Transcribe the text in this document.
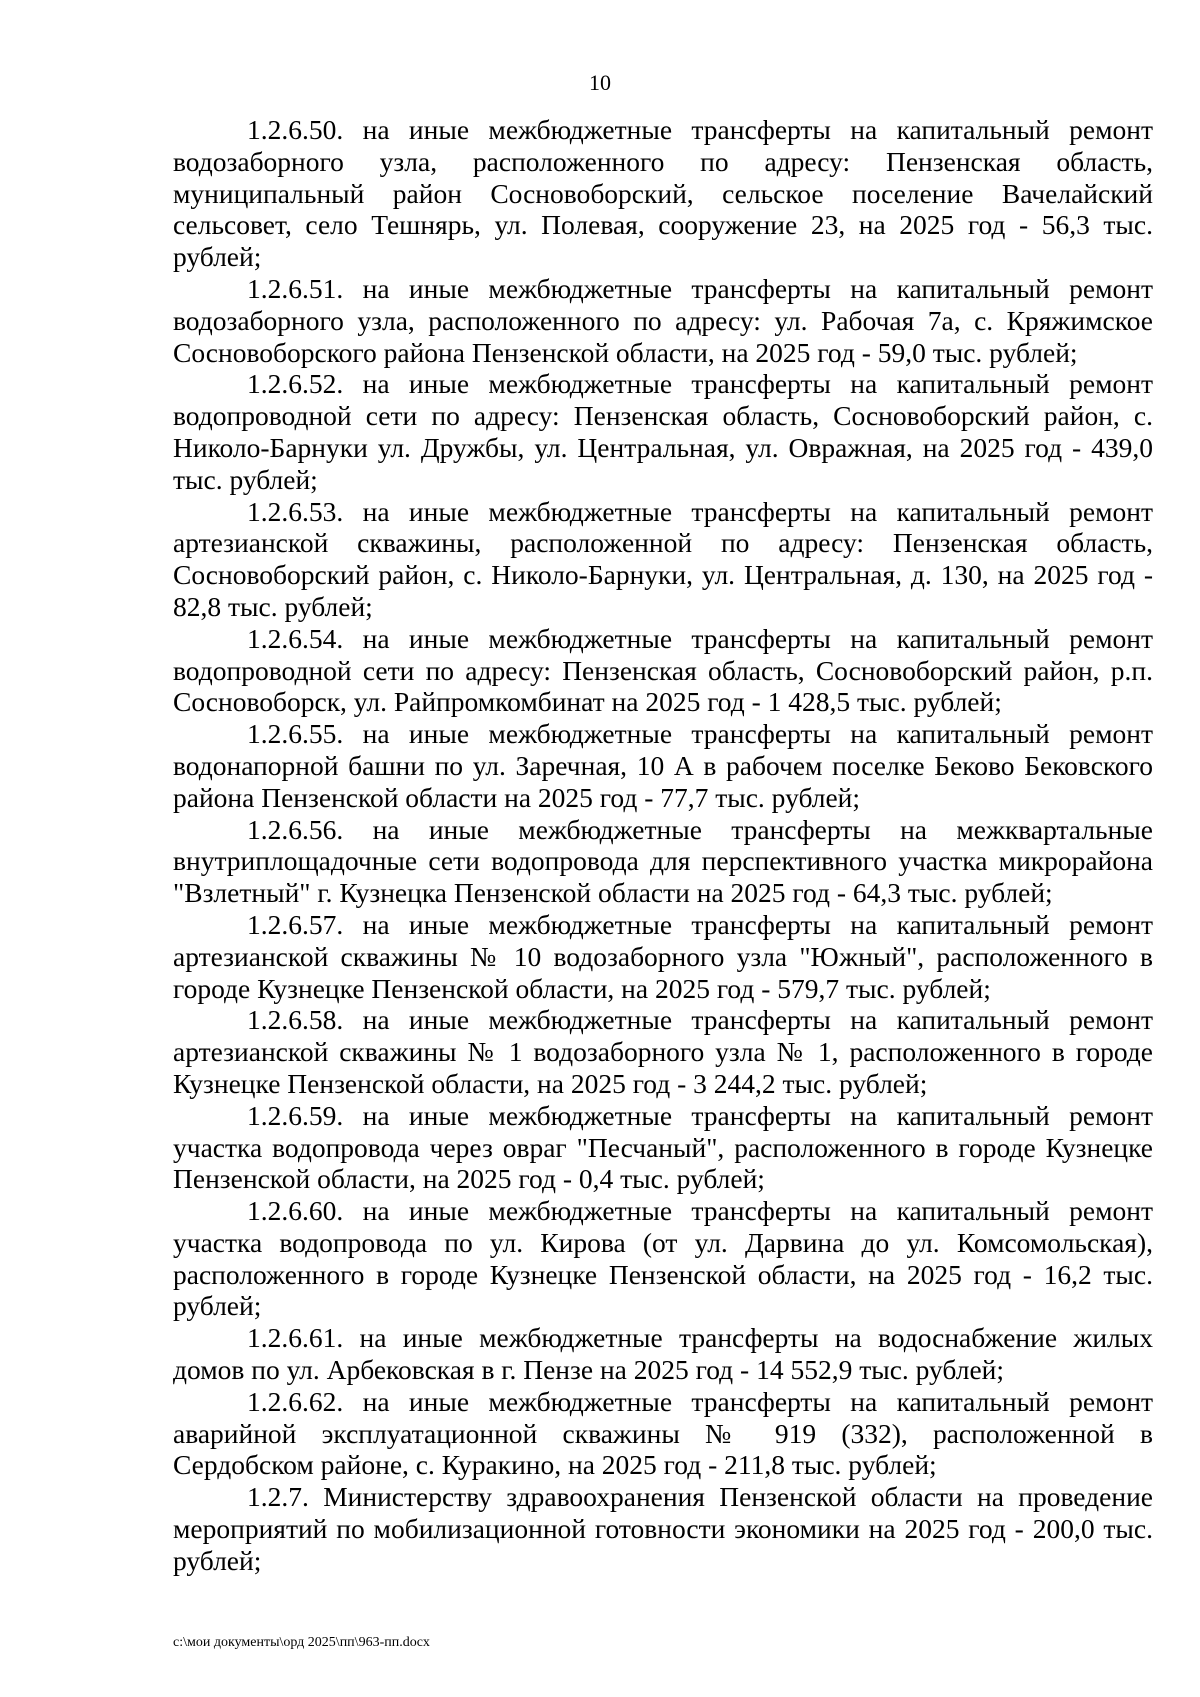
10

1.2.6.50. на иные межбюджетные трансферты на капитальный ремонт водозаборного узла, расположенного по адресу: Пензенская область, муниципальный район Сосновоборский, сельское поселение Вачелайский сельсовет, село Тешнярь, ул. Полевая, сооружение 23, на 2025 год - 56,3 тыс. рублей;

1.2.6.51. на иные межбюджетные трансферты на капитальный ремонт водозаборного узла, расположенного по адресу: ул. Рабочая 7а, с. Кряжимское Сосновоборского района Пензенской области, на 2025 год - 59,0 тыс. рублей;

1.2.6.52. на иные межбюджетные трансферты на капитальный ремонт водопроводной сети по адресу: Пензенская область, Сосновоборский район, с. Николо-Барнуки ул. Дружбы, ул. Центральная, ул. Овражная, на 2025 год - 439,0 тыс. рублей;

1.2.6.53. на иные межбюджетные трансферты на капитальный ремонт артезианской скважины, расположенной по адресу: Пензенская область, Сосновоборский район, с. Николо-Барнуки, ул. Центральная, д. 130, на 2025 год - 82,8 тыс. рублей;

1.2.6.54. на иные межбюджетные трансферты на капитальный ремонт водопроводной сети по адресу: Пензенская область, Сосновоборский район, р.п. Сосновоборск, ул. Райпромкомбинат на 2025 год - 1 428,5 тыс. рублей;

1.2.6.55. на иные межбюджетные трансферты на капитальный ремонт водонапорной башни по ул. Заречная, 10 А в рабочем поселке Беково Бековского района Пензенской области на 2025 год - 77,7 тыс. рублей;

1.2.6.56. на иные межбюджетные трансферты на межквартальные внутриплощадочные сети водопровода для перспективного участка микрорайона "Взлетный" г. Кузнецка Пензенской области на 2025 год - 64,3 тыс. рублей;

1.2.6.57. на иные межбюджетные трансферты на капитальный ремонт артезианской скважины № 10 водозаборного узла "Южный", расположенного в городе Кузнецке Пензенской области, на 2025 год - 579,7 тыс. рублей;

1.2.6.58. на иные межбюджетные трансферты на капитальный ремонт артезианской скважины № 1 водозаборного узла № 1, расположенного в городе Кузнецке Пензенской области, на 2025 год - 3 244,2 тыс. рублей;

1.2.6.59. на иные межбюджетные трансферты на капитальный ремонт участка водопровода через овраг "Песчаный", расположенного в городе Кузнецке Пензенской области, на 2025 год - 0,4 тыс. рублей;

1.2.6.60. на иные межбюджетные трансферты на капитальный ремонт участка водопровода по ул. Кирова (от ул. Дарвина до ул. Комсомольская), расположенного в городе Кузнецке Пензенской области, на 2025 год - 16,2 тыс. рублей;

1.2.6.61. на иные межбюджетные трансферты на водоснабжение жилых домов по ул. Арбековская в г. Пензе на 2025 год - 14 552,9 тыс. рублей;

1.2.6.62. на иные межбюджетные трансферты на капитальный ремонт аварийной эксплуатационной скважины № 919 (332), расположенной в Сердобском районе, с. Куракино, на 2025 год - 211,8 тыс. рублей;

1.2.7. Министерству здравоохранения Пензенской области на проведение мероприятий по мобилизационной готовности экономики на 2025 год - 200,0 тыс. рублей;

c:\мои документы\орд 2025\пп\963-пп.docx
